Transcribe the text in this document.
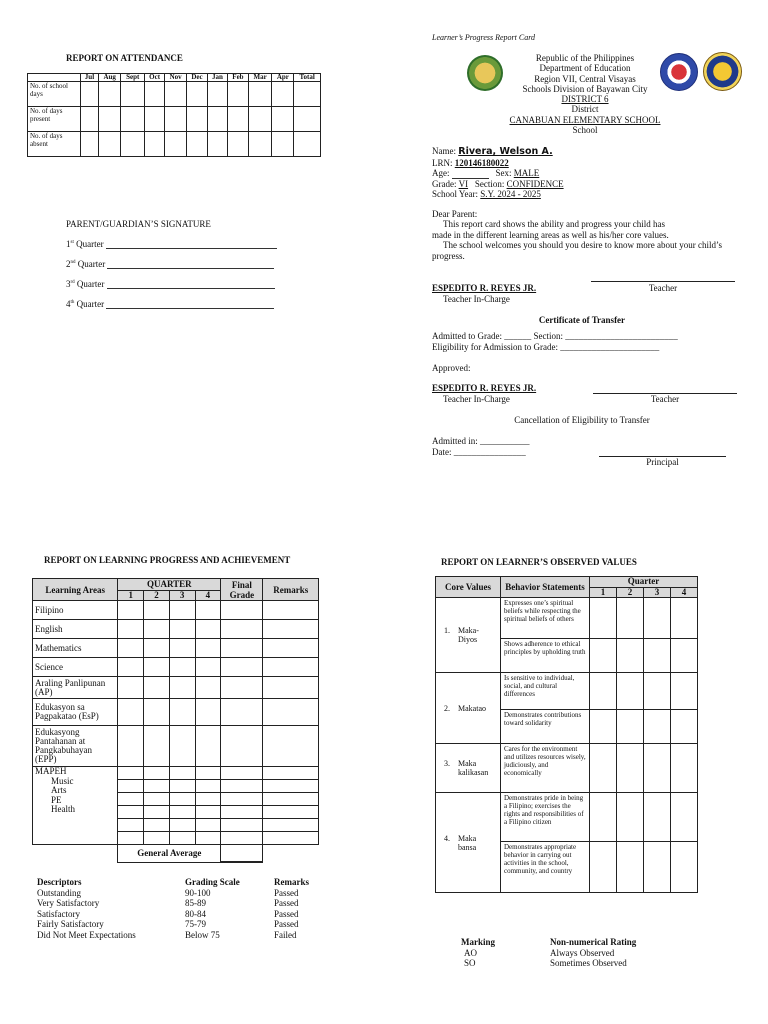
REPORT ON ATTENDANCE
	Jul	Aug	Sept	Oct	Nov	Dec	Jan	Feb	Mar	Apr	Total
No. of school days											
No. of days present											
No. of days absent											
PARENT/GUARDIAN’S SIGNATURE
1st Quarter
2nd Quarter
3rd Quarter
4th Quarter
Learner’s Progress Report Card
Republic of the Philippines
Department of Education
Region VII, Central Visayas
Schools Division of Bayawan City
DISTRICT 6
District
CANABUAN ELEMENTARY SCHOOL
School
Name: Rivera, Welson A.
LRN: 120146180022
Age:	Sex: MALE
Grade: VI Section: CONFIDENCE
School Year: S.Y. 2024 - 2025
Dear Parent:
This report card shows the ability and progress your child has
made in the different learning areas as well as his/her core values.
The school welcomes you should you desire to know more about your child’s
progress.
ESPEDITO R. REYES JR.
Teacher In-Charge
Teacher
Certificate of Transfer
Admitted to Grade: ______ Section: _________________________
Eligibility for Admission to Grade: ______________________
Approved:
ESPEDITO R. REYES JR.
Teacher In-Charge	Teacher
Cancellation of Eligibility to Transfer
Admitted in: ___________
Date: ________________
Principal
REPORT ON LEARNING PROGRESS AND ACHIEVEMENT
Learning Areas	QUARTER				Final Grade	Remarks
	1	2	3	4		
Filipino						
English						
Mathematics						
Science						
Araling Panlipunan (AP)						
Edukasyon sa Pagpakatao (EsP)						
Edukasyong Pantahanan at Pangkabuhayan (EPP)						

MAPEH
Music
Arts
PE
Health						

	General Average					
Descriptors	Grading Scale	Remarks
Outstanding	90-100	Passed
Very Satisfactory	85-89	Passed
Satisfactory	80-84	Passed
Fairly Satisfactory	75-79	Passed
Did Not Meet Expectations	Below 75	Failed
REPORT ON LEARNER’S OBSERVED VALUES
Core Values	Behavior Statements	Quarter			
		1	2	3	4

1. Maka-Diyos	Expresses one’s spiritual beliefs while respecting the spiritual beliefs of others				
	Shows adherence to ethical principles by upholding truth				

2. Makatao	Is sensitive to individual, social, and cultural differences				
	Demonstrates contributions toward solidarity				

3. Maka kalikasan	Cares for the environment and utilizes resources wisely, judiciously, and economically				

4. Maka bansa	Demonstrates pride in being a Filipino; exercises the rights and responsibilities of a Filipino citizen				
	Demonstrates appropriate behavior in carrying out activities in the school, community, and country				
Marking	Non-numerical Rating
AO	Always Observed
SO	Sometimes Observed
